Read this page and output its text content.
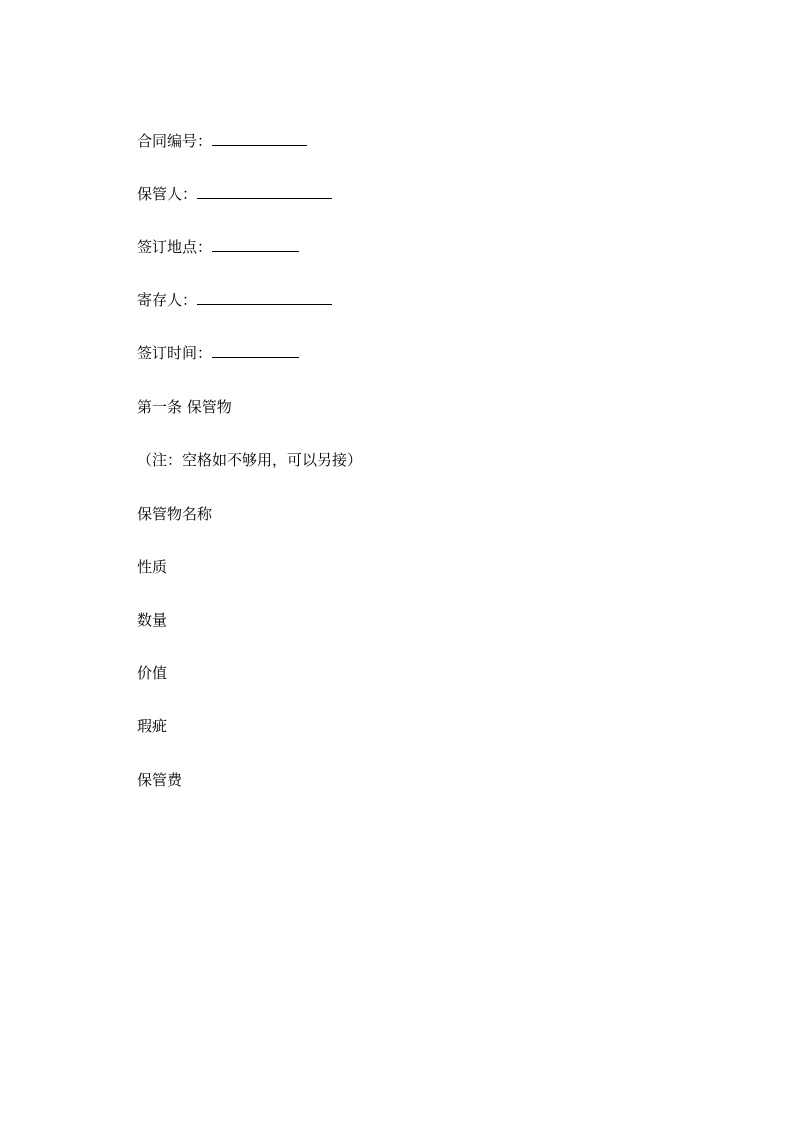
合同编号：
保管人：
签订地点：
寄存人：
签订时间：
第一条 保管物
（注：空格如不够用，可以另接）
保管物名称
性质
数量
价值
瑕疵
保管费
